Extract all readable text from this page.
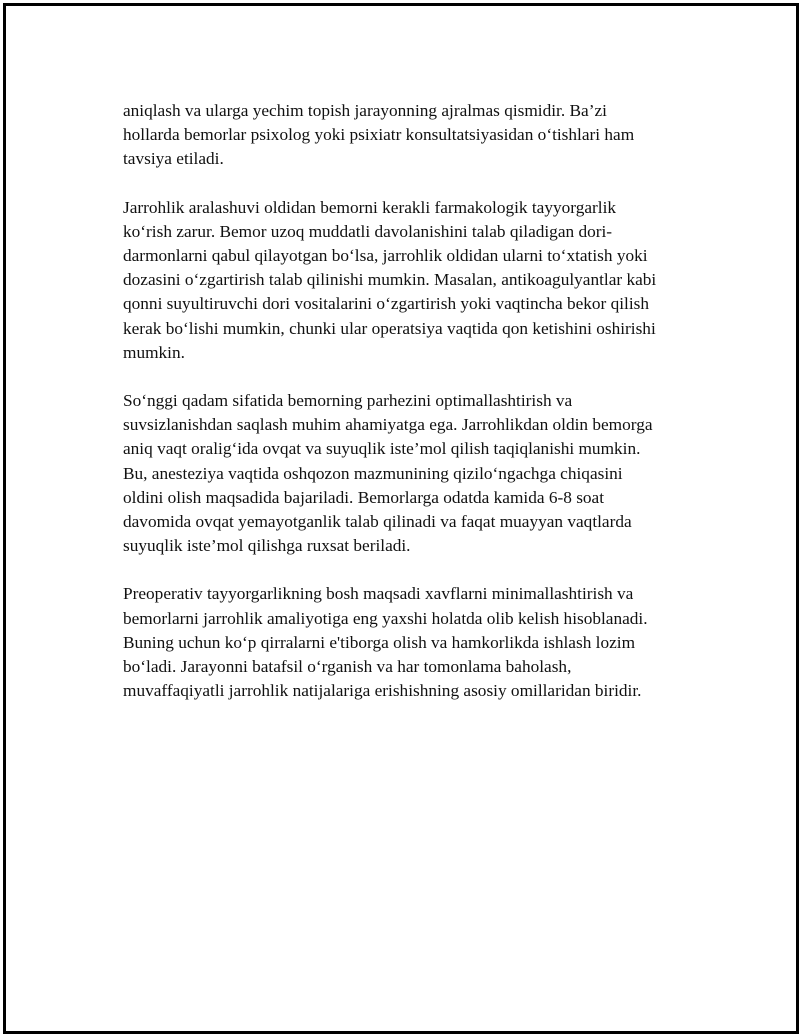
aniqlash va ularga yechim topish jarayonning ajralmas qismidir. Ba’zi
hollarda bemorlar psixolog yoki psixiatr konsultatsiyasidan o‘tishlari ham
tavsiya etiladi.

Jarrohlik aralashuvi oldidan bemorni kerakli farmakologik tayyorgarlik
ko‘rish zarur. Bemor uzoq muddatli davolanishini talab qiladigan dori-
darmonlarni qabul qilayotgan bo‘lsa, jarrohlik oldidan ularni to‘xtatish yoki
dozasini o‘zgartirish talab qilinishi mumkin. Masalan, antikoagulyantlar kabi
qonni suyultiruvchi dori vositalarini o‘zgartirish yoki vaqtincha bekor qilish
kerak bo‘lishi mumkin, chunki ular operatsiya vaqtida qon ketishini oshirishi
mumkin.

So‘nggi qadam sifatida bemorning parhezini optimallashtirish va
suvsizlanishdan saqlash muhim ahamiyatga ega. Jarrohlikdan oldin bemorga
aniq vaqt oralig‘ida ovqat va suyuqlik iste’mol qilish taqiqlanishi mumkin.
Bu, anesteziya vaqtida oshqozon mazmunining qizilo‘ngachga chiqasini
oldini olish maqsadida bajariladi. Bemorlarga odatda kamida 6-8 soat
davomida ovqat yemayotganlik talab qilinadi va faqat muayyan vaqtlarda
suyuqlik iste’mol qilishga ruxsat beriladi.

Preoperativ tayyorgarlikning bosh maqsadi xavflarni minimallashtirish va
bemorlarni jarrohlik amaliyotiga eng yaxshi holatda olib kelish hisoblanadi.
Buning uchun ko‘p qirralarni e'tiborga olish va hamkorlikda ishlash lozim
bo‘ladi. Jarayonni batafsil o‘rganish va har tomonlama baholash,
muvaffaqiyatli jarrohlik natijalariga erishishning asosiy omillaridan biridir.
